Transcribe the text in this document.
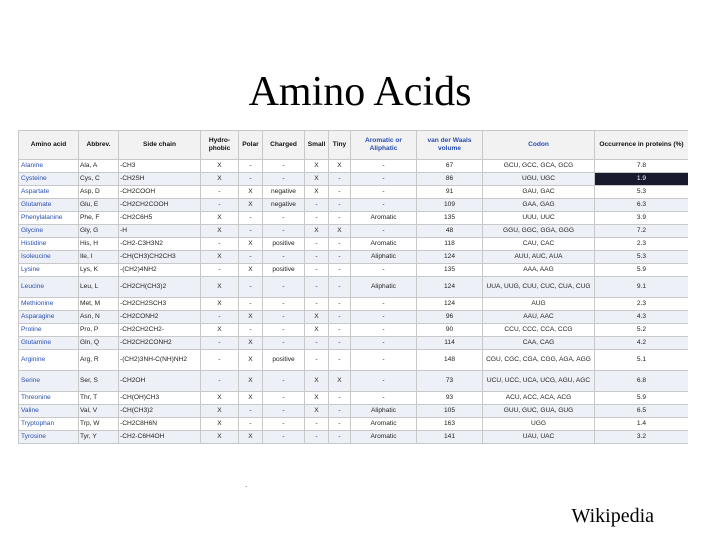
Amino Acids
Amino acid	Abbrev.	Side chain	Hydro-phobic	Polar	Charged	Small	Tiny	Aromatic or Aliphatic	van der Waals volume	Codon	Occurrence in proteins (%)
Alanine	Ala, A	-CH3	X	-	-	X	X	-	67	GCU, GCC, GCA, GCG	7.8
Cysteine	Cys, C	-CH2SH	X	-	-	X	-	-	86	UGU, UGC	1.9
Aspartate	Asp, D	-CH2COOH	-	X	negative	X	-	-	91	GAU, GAC	5.3
Glutamate	Glu, E	-CH2CH2COOH	-	X	negative	-	-	-	109	GAA, GAG	6.3
Phenylalanine	Phe, F	-CH2C6H5	X	-	-	-	-	Aromatic	135	UUU, UUC	3.9
Glycine	Gly, G	-H	X	-	-	X	X	-	48	GGU, GGC, GGA, GGG	7.2
Histidine	His, H	-CH2-C3H3N2	-	X	positive	-	-	Aromatic	118	CAU, CAC	2.3
Isoleucine	Ile, I	-CH(CH3)CH2CH3	X	-	-	-	-	Aliphatic	124	AUU, AUC, AUA	5.3
Lysine	Lys, K	-(CH2)4NH2	-	X	positive	-	-	-	135	AAA, AAG	5.9
Leucine	Leu, L	-CH2CH(CH3)2	X	-	-	-	-	Aliphatic	124	UUA, UUG, CUU, CUC, CUA, CUG	9.1
Methionine	Met, M	-CH2CH2SCH3	X	-	-	-	-	-	124	AUG	2.3
Asparagine	Asn, N	-CH2CONH2	-	X	-	X	-	-	96	AAU, AAC	4.3
Proline	Pro, P	-CH2CH2CH2-	X	-	-	X	-	-	90	CCU, CCC, CCA, CCG	5.2
Glutamine	Gln, Q	-CH2CH2CONH2	-	X	-	-	-	-	114	CAA, CAG	4.2
Arginine	Arg, R	-(CH2)3NH-C(NH)NH2	-	X	positive	-	-	-	148	CGU, CGC, CGA, CGG, AGA, AGG	5.1
Serine	Ser, S	-CH2OH	-	X	-	X	X	-	73	UCU, UCC, UCA, UCG, AGU, AGC	6.8
Threonine	Thr, T	-CH(OH)CH3	X	X	-	X	-	-	93	ACU, ACC, ACA, ACG	5.9
Valine	Val, V	-CH(CH3)2	X	-	-	X	-	Aliphatic	105	GUU, GUC, GUA, GUG	6.5
Tryptophan	Trp, W	-CH2C8H6N	X	-	-	-	-	Aromatic	163	UGG	1.4
Tyrosine	Tyr, Y	-CH2-C6H4OH	X	X	-	-	-	Aromatic	141	UAU, UAC	3.2
.
Wikipedia
